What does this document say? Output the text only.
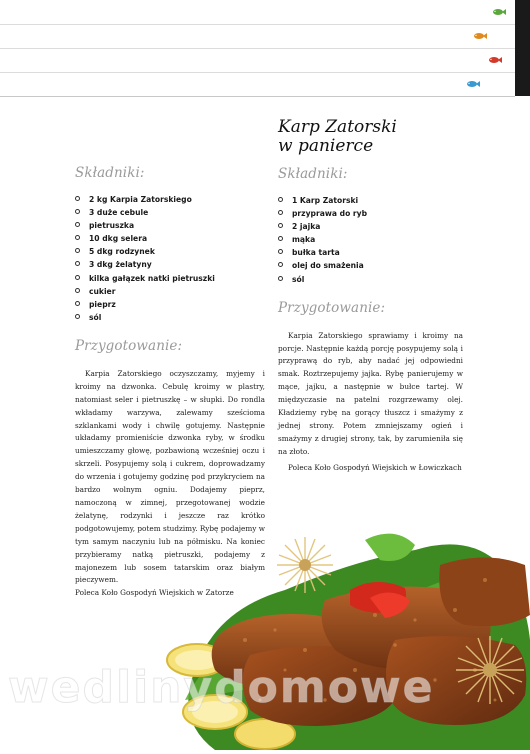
Składniki:
2 kg Karpia Zatorskiego
3 duże cebule
pietruszka
10 dkg selera
5 dkg rodzynek
3 dkg żelatyny
kilka gałązek natki pietruszki
cukier
pieprz
sól
Przygotowanie:

Karpia Zatorskiego oczyszczamy, myjemy i kroimy na dzwonka. Cebulę kroimy w plastry, natomiast seler i pietruszkę – w słupki. Do rondla wkładamy warzywa, zalewamy sześcioma szklankami wody i chwilę gotujemy. Następnie układamy promieniście dzwonka ryby, w środku umieszczamy głowę, pozbawioną wcześniej oczu i skrzeli. Posypujemy solą i cukrem, doprowadzamy do wrzenia i gotujemy godzinę pod przykryciem na bardzo wolnym ogniu. Dodajemy pieprz, namoczoną w zimnej, przegotowanej wodzie żelatynę, rodzynki i jeszcze raz krótko podgotowujemy, potem studzimy. Rybę podajemy w tym samym naczyniu lub na półmisku. Na koniec przybieramy natką pietruszki, podajemy z majonezem lub sosem tatarskim oraz białym pieczywem.

Poleca Koło Gospodyń Wiejskich w Zatorze
Karp Zatorski
w panierce
Składniki:
1 Karp Zatorski
przyprawa do ryb
2 jajka
mąka
bułka tarta
olej do smażenia
sól
Przygotowanie:

Karpia Zatorskiego sprawiamy i kroimy na porcje. Następnie każdą porcję posypujemy solą i przyprawą do ryb, aby nadać jej odpowiedni smak. Roztrzepujemy jajka. Rybę panierujemy w mące, jajku, a następnie w bułce tartej. W międzyczasie na patelni rozgrzewamy olej. Kładziemy rybę na gorący tłuszcz i smażymy z jednej strony. Potem zmniejszamy ogień i smażymy z drugiej strony, tak, by zarumieniła się na złoto.

Poleca Koło Gospodyń Wiejskich w Łowiczkach
wedlinydomowe
